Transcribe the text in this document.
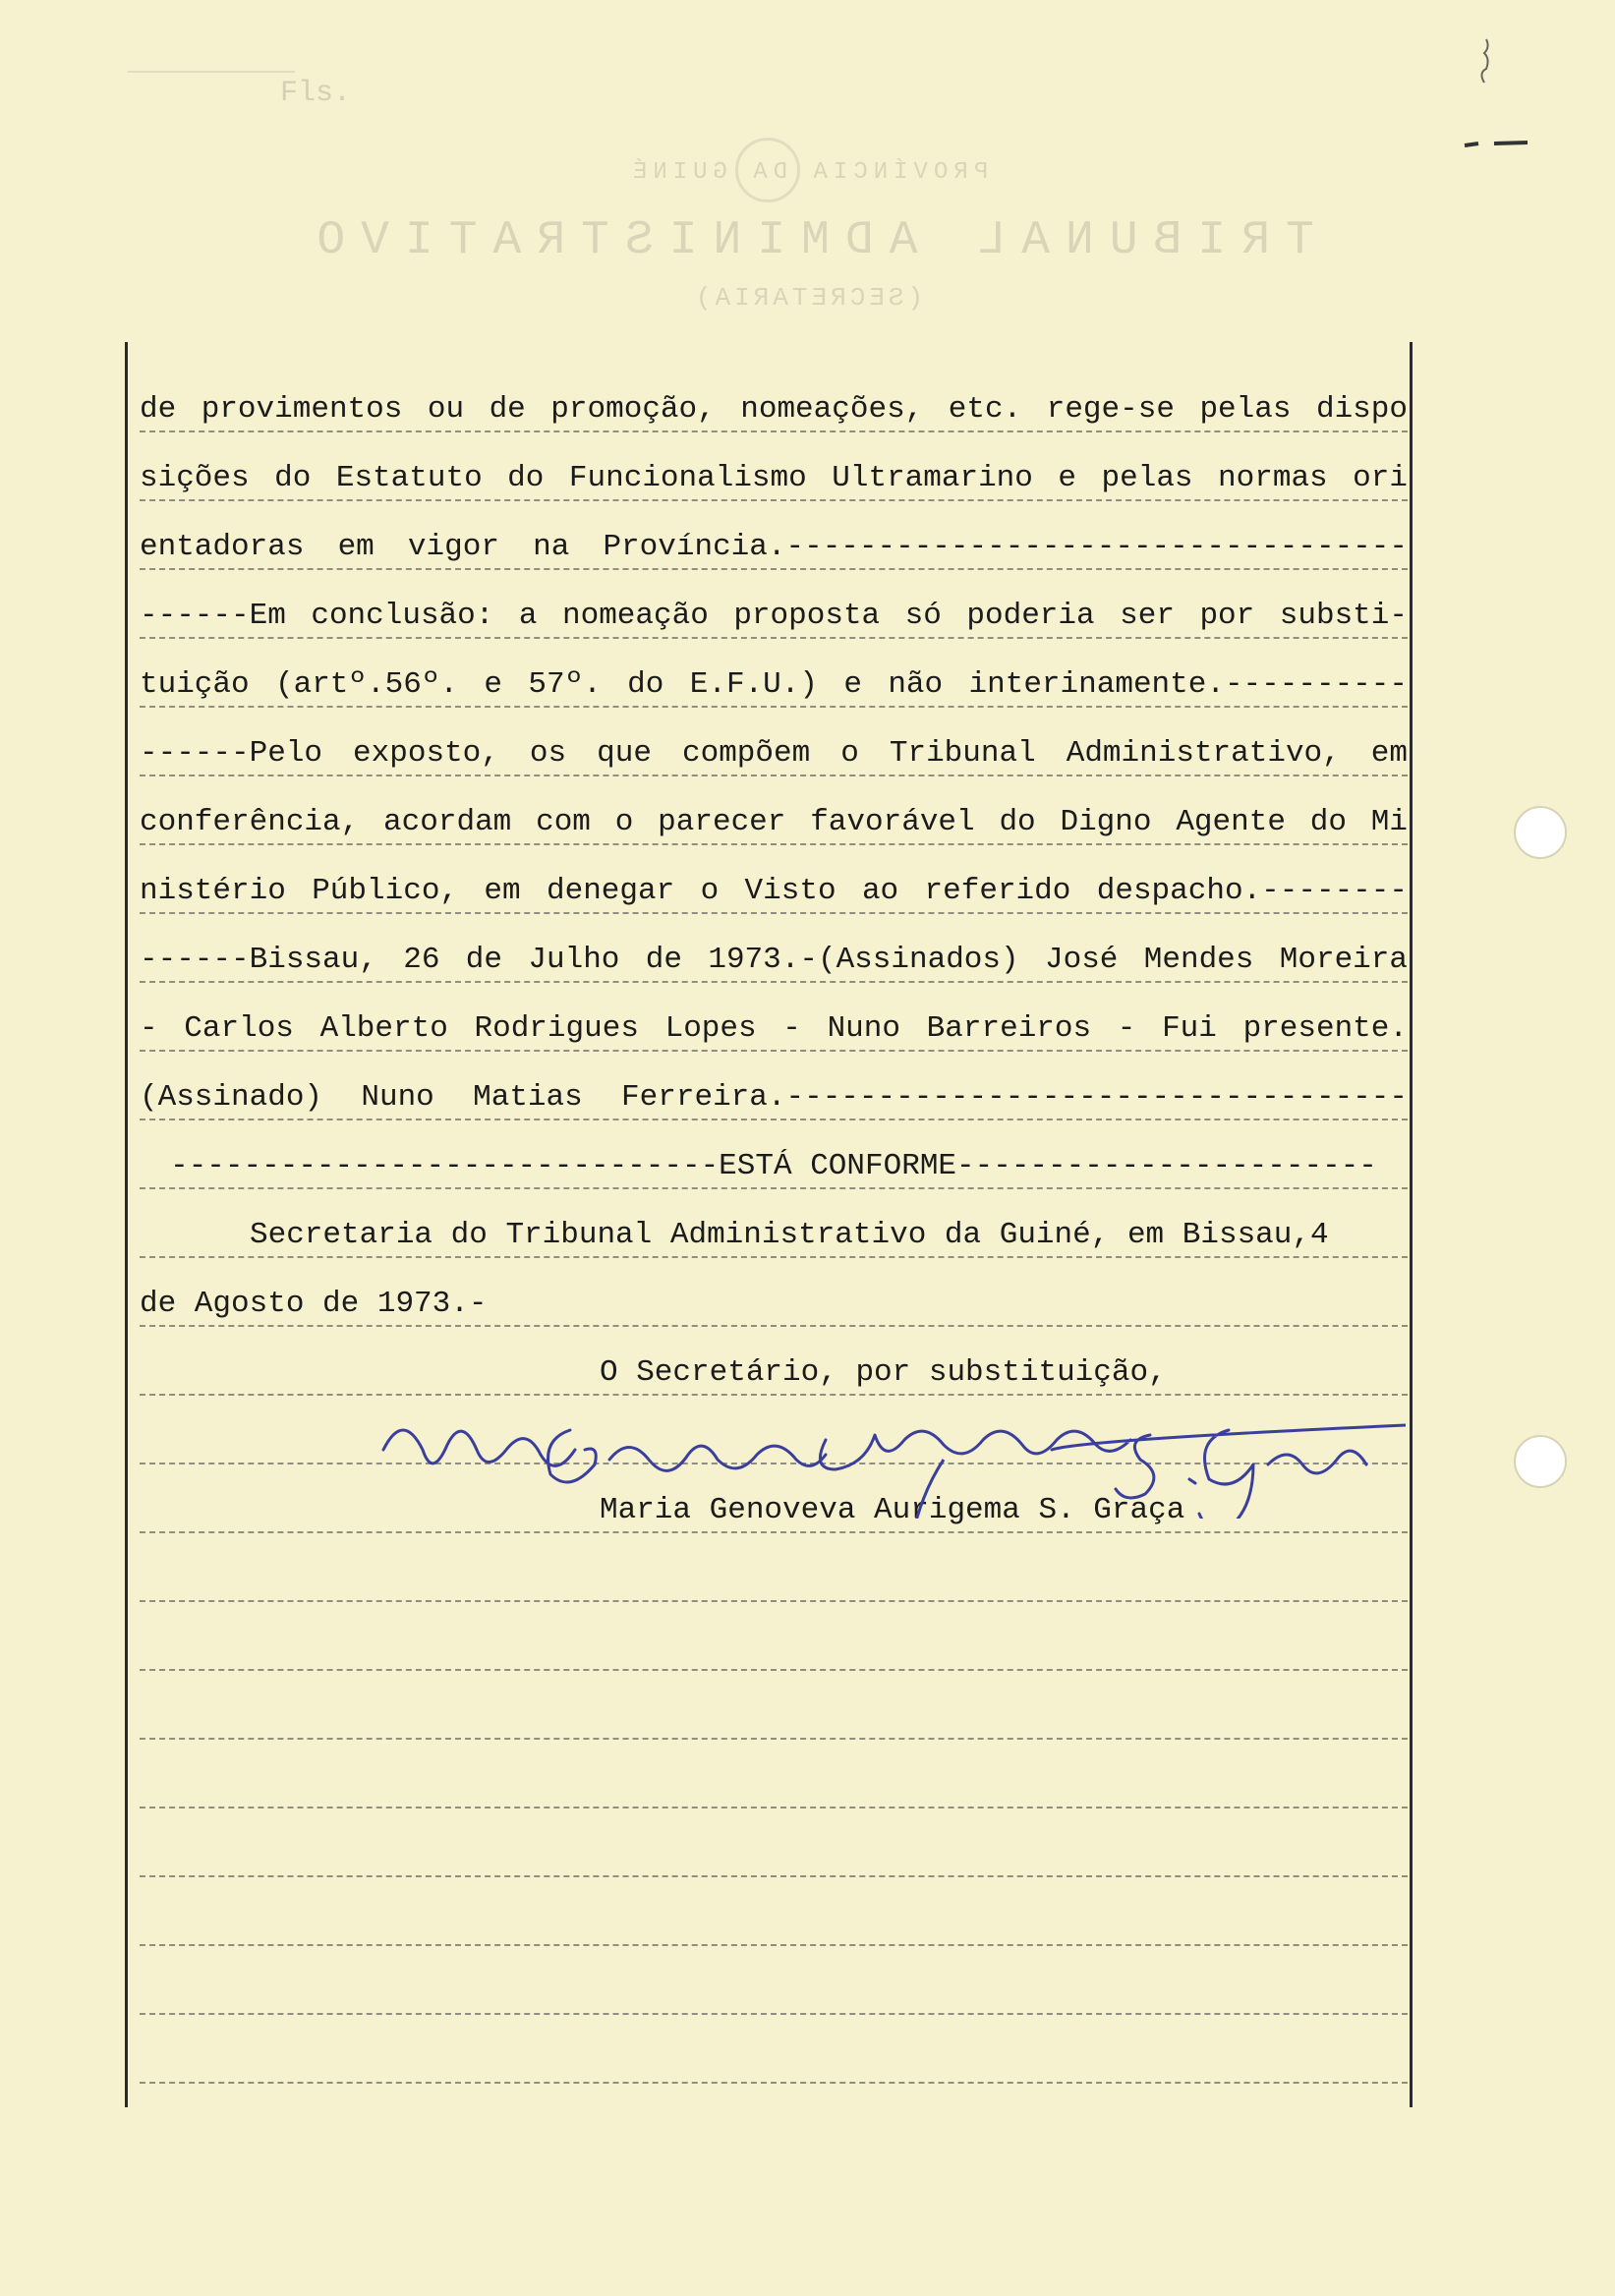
Fls.
PROVÍNCIA DA GUINÉ
TRIBUNAL ADMINISTRATIVO
(SECRETARIA)
de provimentos ou de promoção, nomeações, etc. rege-se pelas dispo
sições do Estatuto do Funcionalismo Ultramarino e pelas normas ori
entadoras em vigor na Província.----------------------------------
------Em conclusão: a nomeação proposta só poderia ser por substi-
tuição (artº.56º. e 57º. do E.F.U.) e não interinamente.----------
------Pelo exposto, os que compõem o Tribunal Administrativo, em
conferência, acordam com o parecer favorável do Digno Agente do Mi
nistério Público, em denegar o Visto ao referido despacho.--------
------Bissau, 26 de Julho de 1973.-(Assinados) José Mendes Moreira
- Carlos Alberto Rodrigues Lopes - Nuno Barreiros - Fui presente.
(Assinado) Nuno Matias Ferreira.----------------------------------
------------------------------ESTÁ CONFORME-----------------------
Secretaria do Tribunal Administrativo da Guiné, em Bissau,4
de Agosto de 1973.-
O Secretário, por substituição,
Maria Genoveva Aurigema S. Graça
